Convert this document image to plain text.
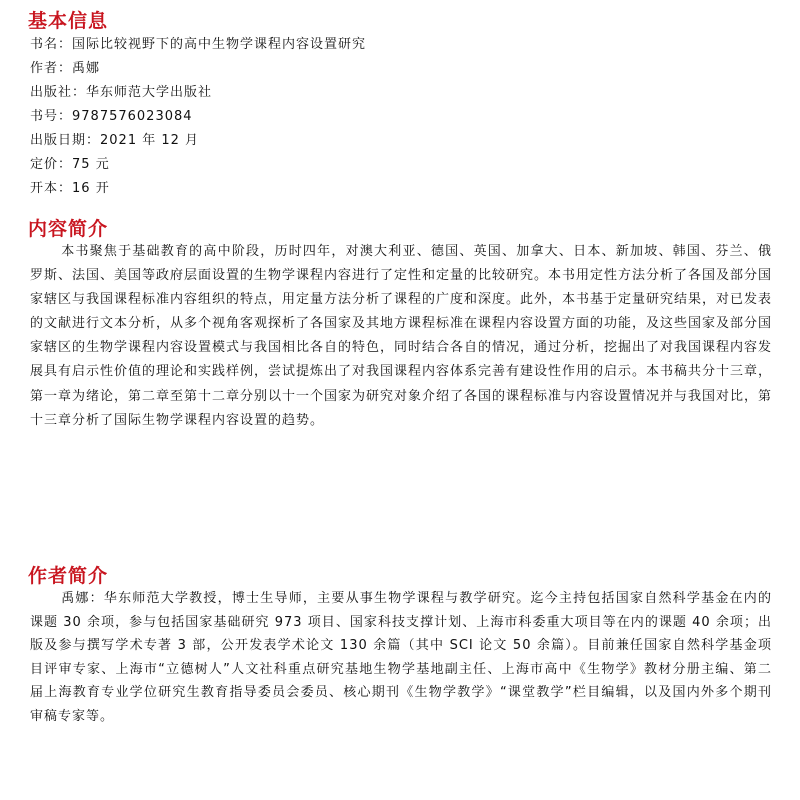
基本信息
书名：国际比较视野下的高中生物学课程内容设置研究
作者：禹娜
出版社：华东师范大学出版社
书号：9787576023084
出版日期：2021 年 12 月
定价：75 元
开本：16 开
内容简介

本书聚焦于基础教育的高中阶段，历时四年，对澳大利亚、德国、英国、加拿大、日本、新加坡、韩国、芬兰、俄罗斯、法国、美国等政府层面设置的生物学课程内容进行了定性和定量的比较研究。本书用定性方法分析了各国及部分国家辖区与我国课程标准内容组织的特点，用定量方法分析了课程的广度和深度。此外，本书基于定量研究结果，对已发表的文献进行文本分析，从多个视角客观探析了各国家及其地方课程标准在课程内容设置方面的功能，及这些国家及部分国家辖区的生物学课程内容设置模式与我国相比各自的特色，同时结合各自的情况，通过分析，挖掘出了对我国课程内容发展具有启示性价值的理论和实践样例，尝试提炼出了对我国课程内容体系完善有建设性作用的启示。本书稿共分十三章，第一章为绪论，第二章至第十二章分别以十一个国家为研究对象介绍了各国的课程标准与内容设置情况并与我国对比，第十三章分析了国际生物学课程内容设置的趋势。

作者简介

禹娜：华东师范大学教授，博士生导师，主要从事生物学课程与教学研究。迄今主持包括国家自然科学基金在内的课题 30 余项，参与包括国家基础研究 973 项目、国家科技支撑计划、上海市科委重大项目等在内的课题 40 余项；出版及参与撰写学术专著 3 部，公开发表学术论文 130 余篇（其中 SCI 论文 50 余篇）。目前兼任国家自然科学基金项目评审专家、上海市“立德树人”人文社科重点研究基地生物学基地副主任、上海市高中《生物学》教材分册主编、第二届上海教育专业学位研究生教育指导委员会委员、核心期刊《生物学教学》“课堂教学”栏目编辑，以及国内外多个期刊审稿专家等。
